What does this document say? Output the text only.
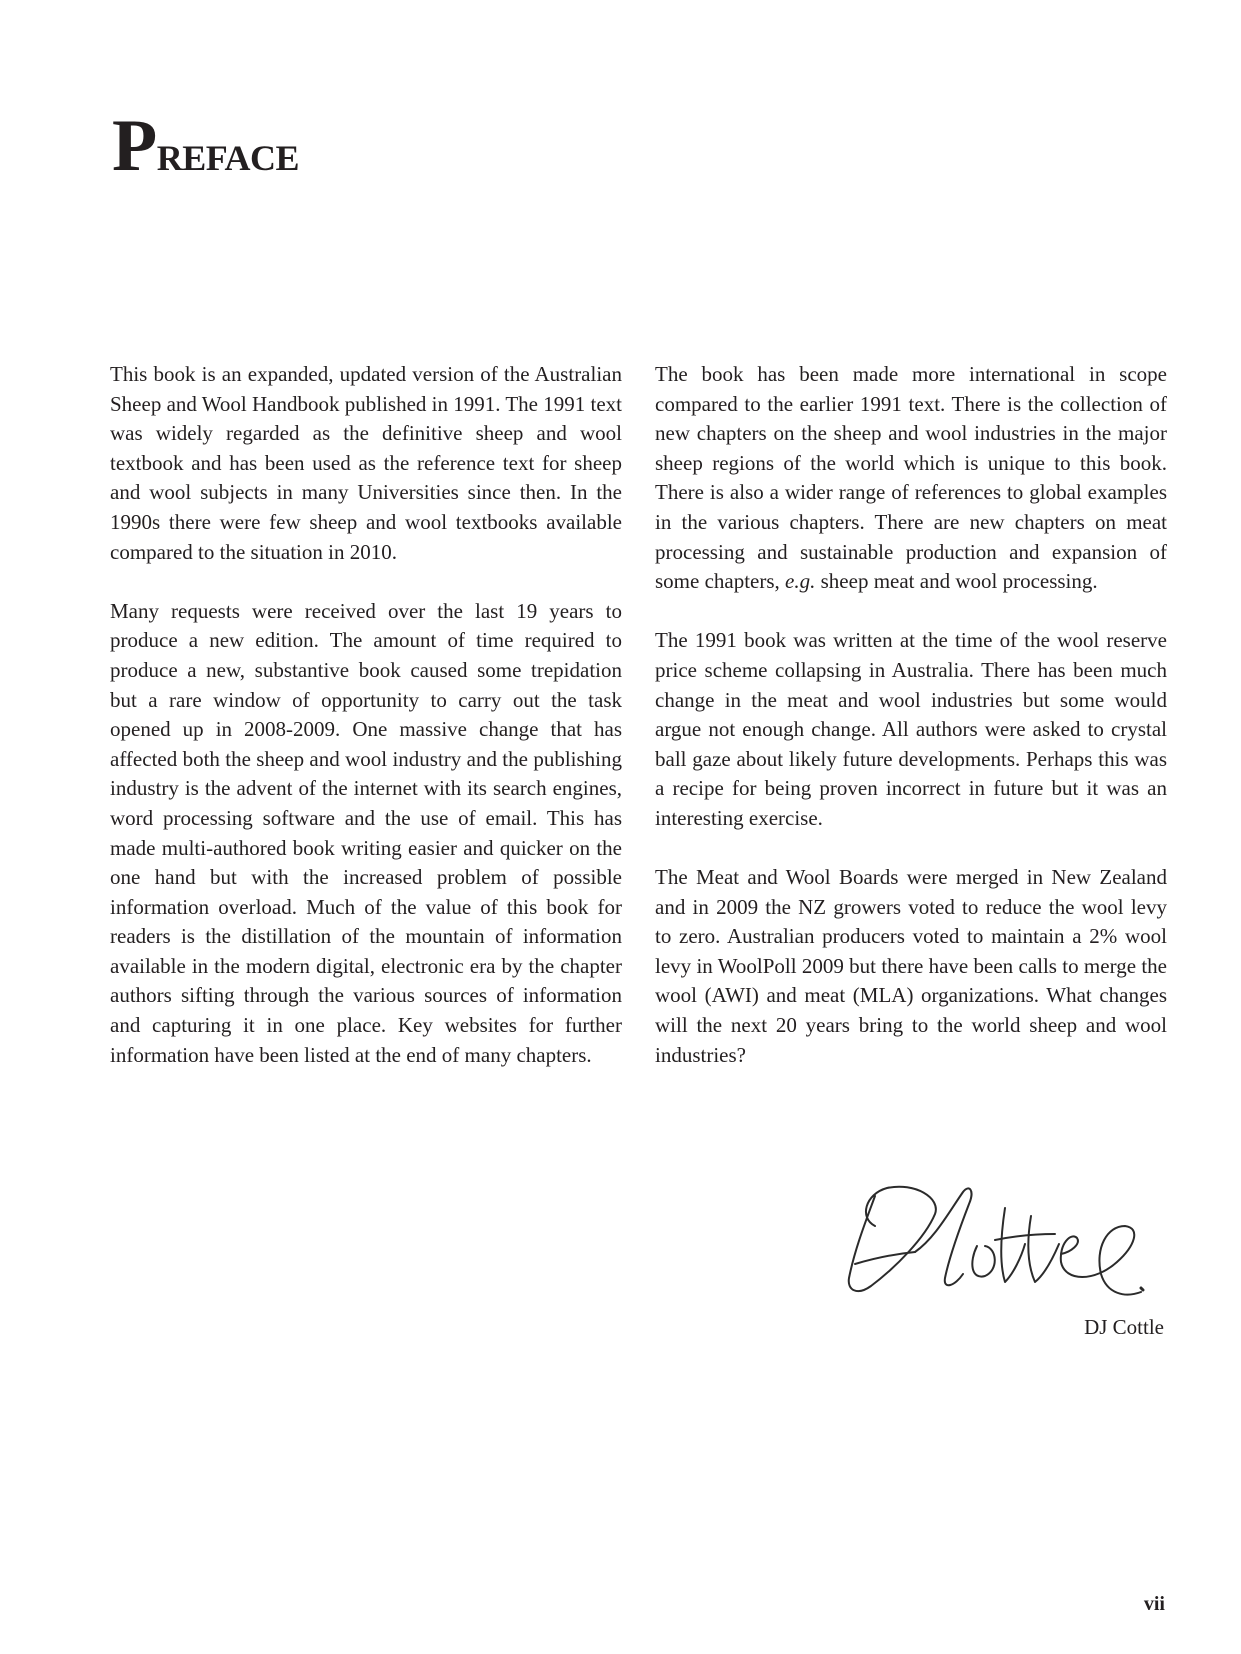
Preface

This book is an expanded, updated version of the Australian Sheep and Wool Handbook published in 1991. The 1991 text was widely regarded as the definitive sheep and wool textbook and has been used as the reference text for sheep and wool subjects in many Universities since then. In the 1990s there were few sheep and wool textbooks available compared to the situation in 2010.

Many requests were received over the last 19 years to produce a new edition. The amount of time required to produce a new, substantive book caused some trepidation but a rare window of opportunity to carry out the task opened up in 2008-2009. One massive change that has affected both the sheep and wool industry and the publishing industry is the advent of the internet with its search engines, word processing software and the use of email. This has made multi-authored book writing easier and quicker on the one hand but with the increased problem of possible information overload. Much of the value of this book for readers is the distillation of the mountain of information available in the modern digital, electronic era by the chapter authors sifting through the various sources of information and capturing it in one place. Key websites for further information have been listed at the end of many chapters.

The book has been made more international in scope compared to the earlier 1991 text. There is the collection of new chapters on the sheep and wool industries in the major sheep regions of the world which is unique to this book. There is also a wider range of references to global examples in the various chapters. There are new chapters on meat processing and sustainable production and expansion of some chapters, e.g. sheep meat and wool processing.

The 1991 book was written at the time of the wool reserve price scheme collapsing in Australia. There has been much change in the meat and wool industries but some would argue not enough change. All authors were asked to crystal ball gaze about likely future developments. Perhaps this was a recipe for being proven incorrect in future but it was an interesting exercise.

The Meat and Wool Boards were merged in New Zealand and in 2009 the NZ growers voted to reduce the wool levy to zero. Australian producers voted to maintain a 2% wool levy in WoolPoll 2009 but there have been calls to merge the wool (AWI) and meat (MLA) organizations. What changes will the next 20 years bring to the world sheep and wool industries?

DJ Cottle
vii
